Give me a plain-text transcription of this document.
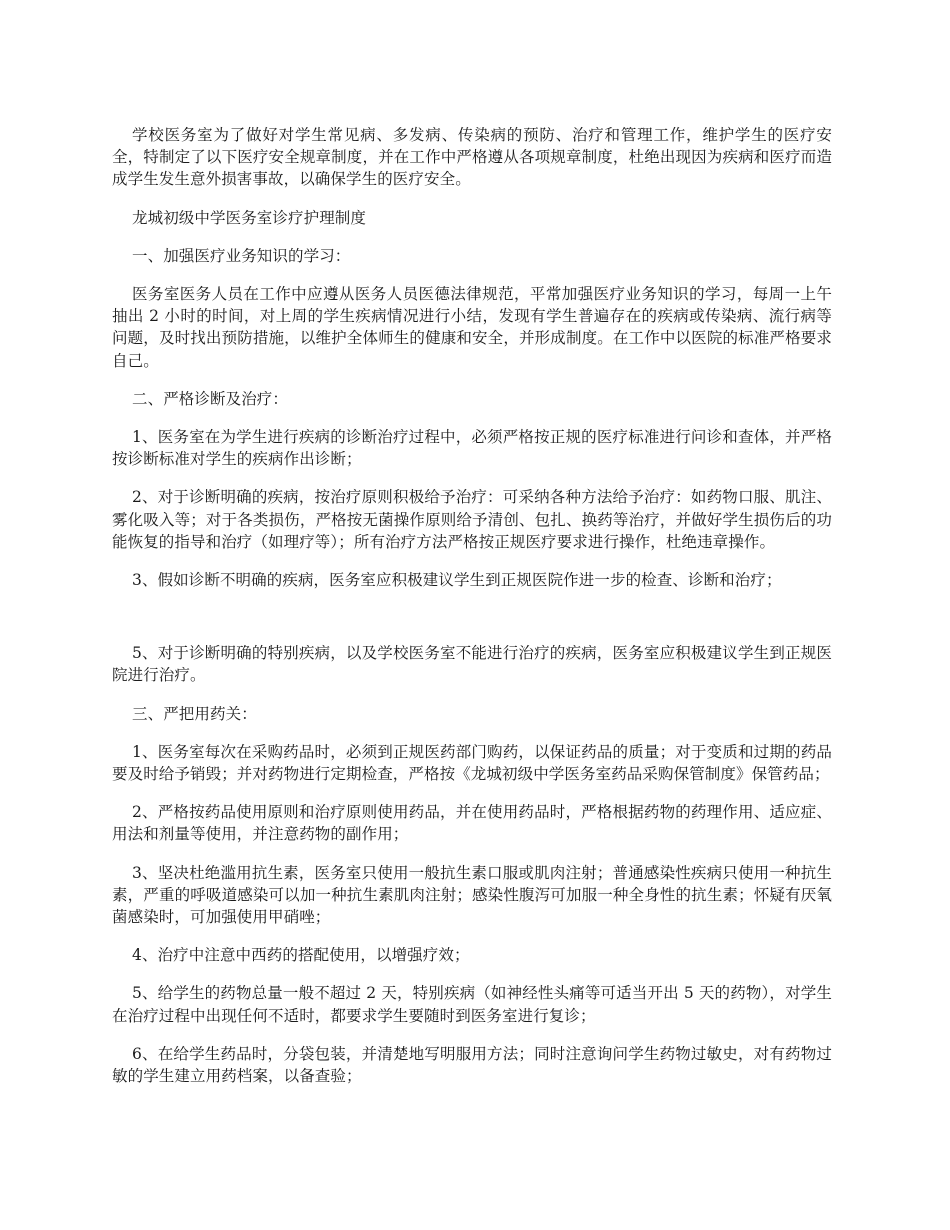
学校医务室为了做好对学生常见病、多发病、传染病的预防、治疗和管理工作，维护学生的医疗安全，特制定了以下医疗安全规章制度，并在工作中严格遵从各项规章制度，杜绝出现因为疾病和医疗而造成学生发生意外损害事故，以确保学生的医疗安全。

龙城初级中学医务室诊疗护理制度

一、加强医疗业务知识的学习：

医务室医务人员在工作中应遵从医务人员医德法律规范，平常加强医疗业务知识的学习，每周一上午抽出 2 小时的时间，对上周的学生疾病情况进行小结，发现有学生普遍存在的疾病或传染病、流行病等问题，及时找出预防措施，以维护全体师生的健康和安全，并形成制度。在工作中以医院的标准严格要求自己。

二、严格诊断及治疗：

1、医务室在为学生进行疾病的诊断治疗过程中，必须严格按正规的医疗标准进行问诊和查体，并严格按诊断标准对学生的疾病作出诊断；

2、对于诊断明确的疾病，按治疗原则积极给予治疗：可采纳各种方法给予治疗：如药物口服、肌注、雾化吸入等；对于各类损伤，严格按无菌操作原则给予清创、包扎、换药等治疗，并做好学生损伤后的功能恢复的指导和治疗（如理疗等）；所有治疗方法严格按正规医疗要求进行操作，杜绝违章操作。

3、假如诊断不明确的疾病，医务室应积极建议学生到正规医院作进一步的检查、诊断和治疗；

5、对于诊断明确的特别疾病，以及学校医务室不能进行治疗的疾病，医务室应积极建议学生到正规医院进行治疗。

三、严把用药关：

1、医务室每次在采购药品时，必须到正规医药部门购药，以保证药品的质量；对于变质和过期的药品要及时给予销毁；并对药物进行定期检查，严格按《龙城初级中学医务室药品采购保管制度》保管药品；

2、严格按药品使用原则和治疗原则使用药品，并在使用药品时，严格根据药物的药理作用、适应症、用法和剂量等使用，并注意药物的副作用；

3、坚决杜绝滥用抗生素，医务室只使用一般抗生素口服或肌肉注射；普通感染性疾病只使用一种抗生素，严重的呼吸道感染可以加一种抗生素肌肉注射；感染性腹泻可加服一种全身性的抗生素；怀疑有厌氧菌感染时，可加强使用甲硝唑；

4、治疗中注意中西药的搭配使用，以增强疗效；

5、给学生的药物总量一般不超过 2 天，特别疾病（如神经性头痛等可适当开出 5 天的药物），对学生在治疗过程中出现任何不适时，都要求学生要随时到医务室进行复诊；

6、在给学生药品时，分袋包装，并清楚地写明服用方法；同时注意询问学生药物过敏史，对有药物过敏的学生建立用药档案，以备查验；
